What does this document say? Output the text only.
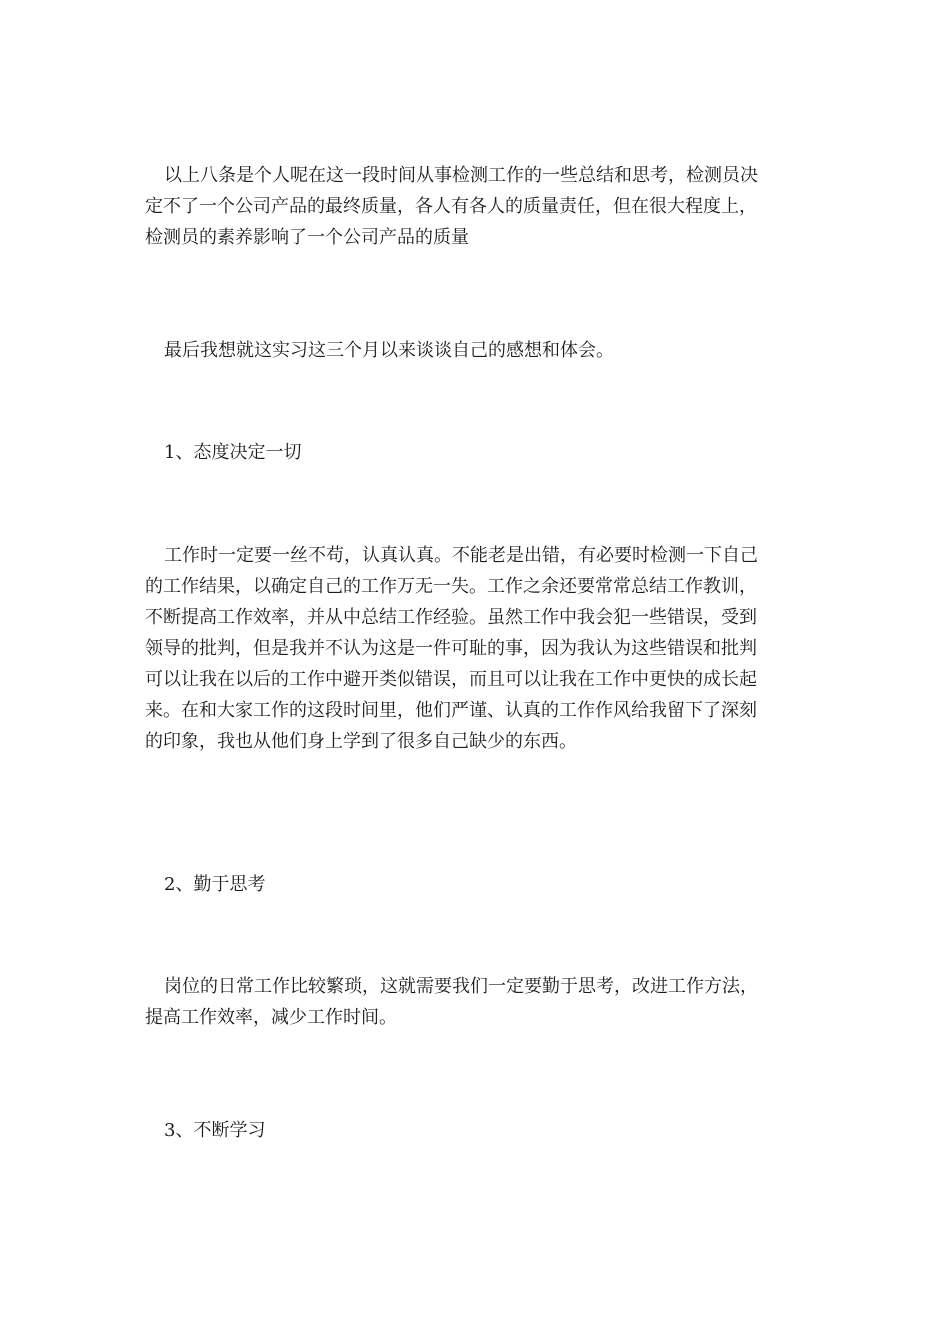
以上八条是个人呢在这一段时间从事检测工作的一些总结和思考，检测员决
定不了一个公司产品的最终质量，各人有各人的质量责任，但在很大程度上，
检测员的素养影响了一个公司产品的质量

最后我想就这实习这三个月以来谈谈自己的感想和体会。

1、态度决定一切

工作时一定要一丝不苟，认真认真。不能老是出错，有必要时检测一下自己
的工作结果，以确定自己的工作万无一失。工作之余还要常常总结工作教训，
不断提高工作效率，并从中总结工作经验。虽然工作中我会犯一些错误，受到
领导的批判，但是我并不认为这是一件可耻的事，因为我认为这些错误和批判
可以让我在以后的工作中避开类似错误，而且可以让我在工作中更快的成长起
来。在和大家工作的这段时间里，他们严谨、认真的工作作风给我留下了深刻
的印象，我也从他们身上学到了很多自己缺少的东西。

2、勤于思考

岗位的日常工作比较繁琐，这就需要我们一定要勤于思考，改进工作方法，
提高工作效率，减少工作时间。

3、不断学习
